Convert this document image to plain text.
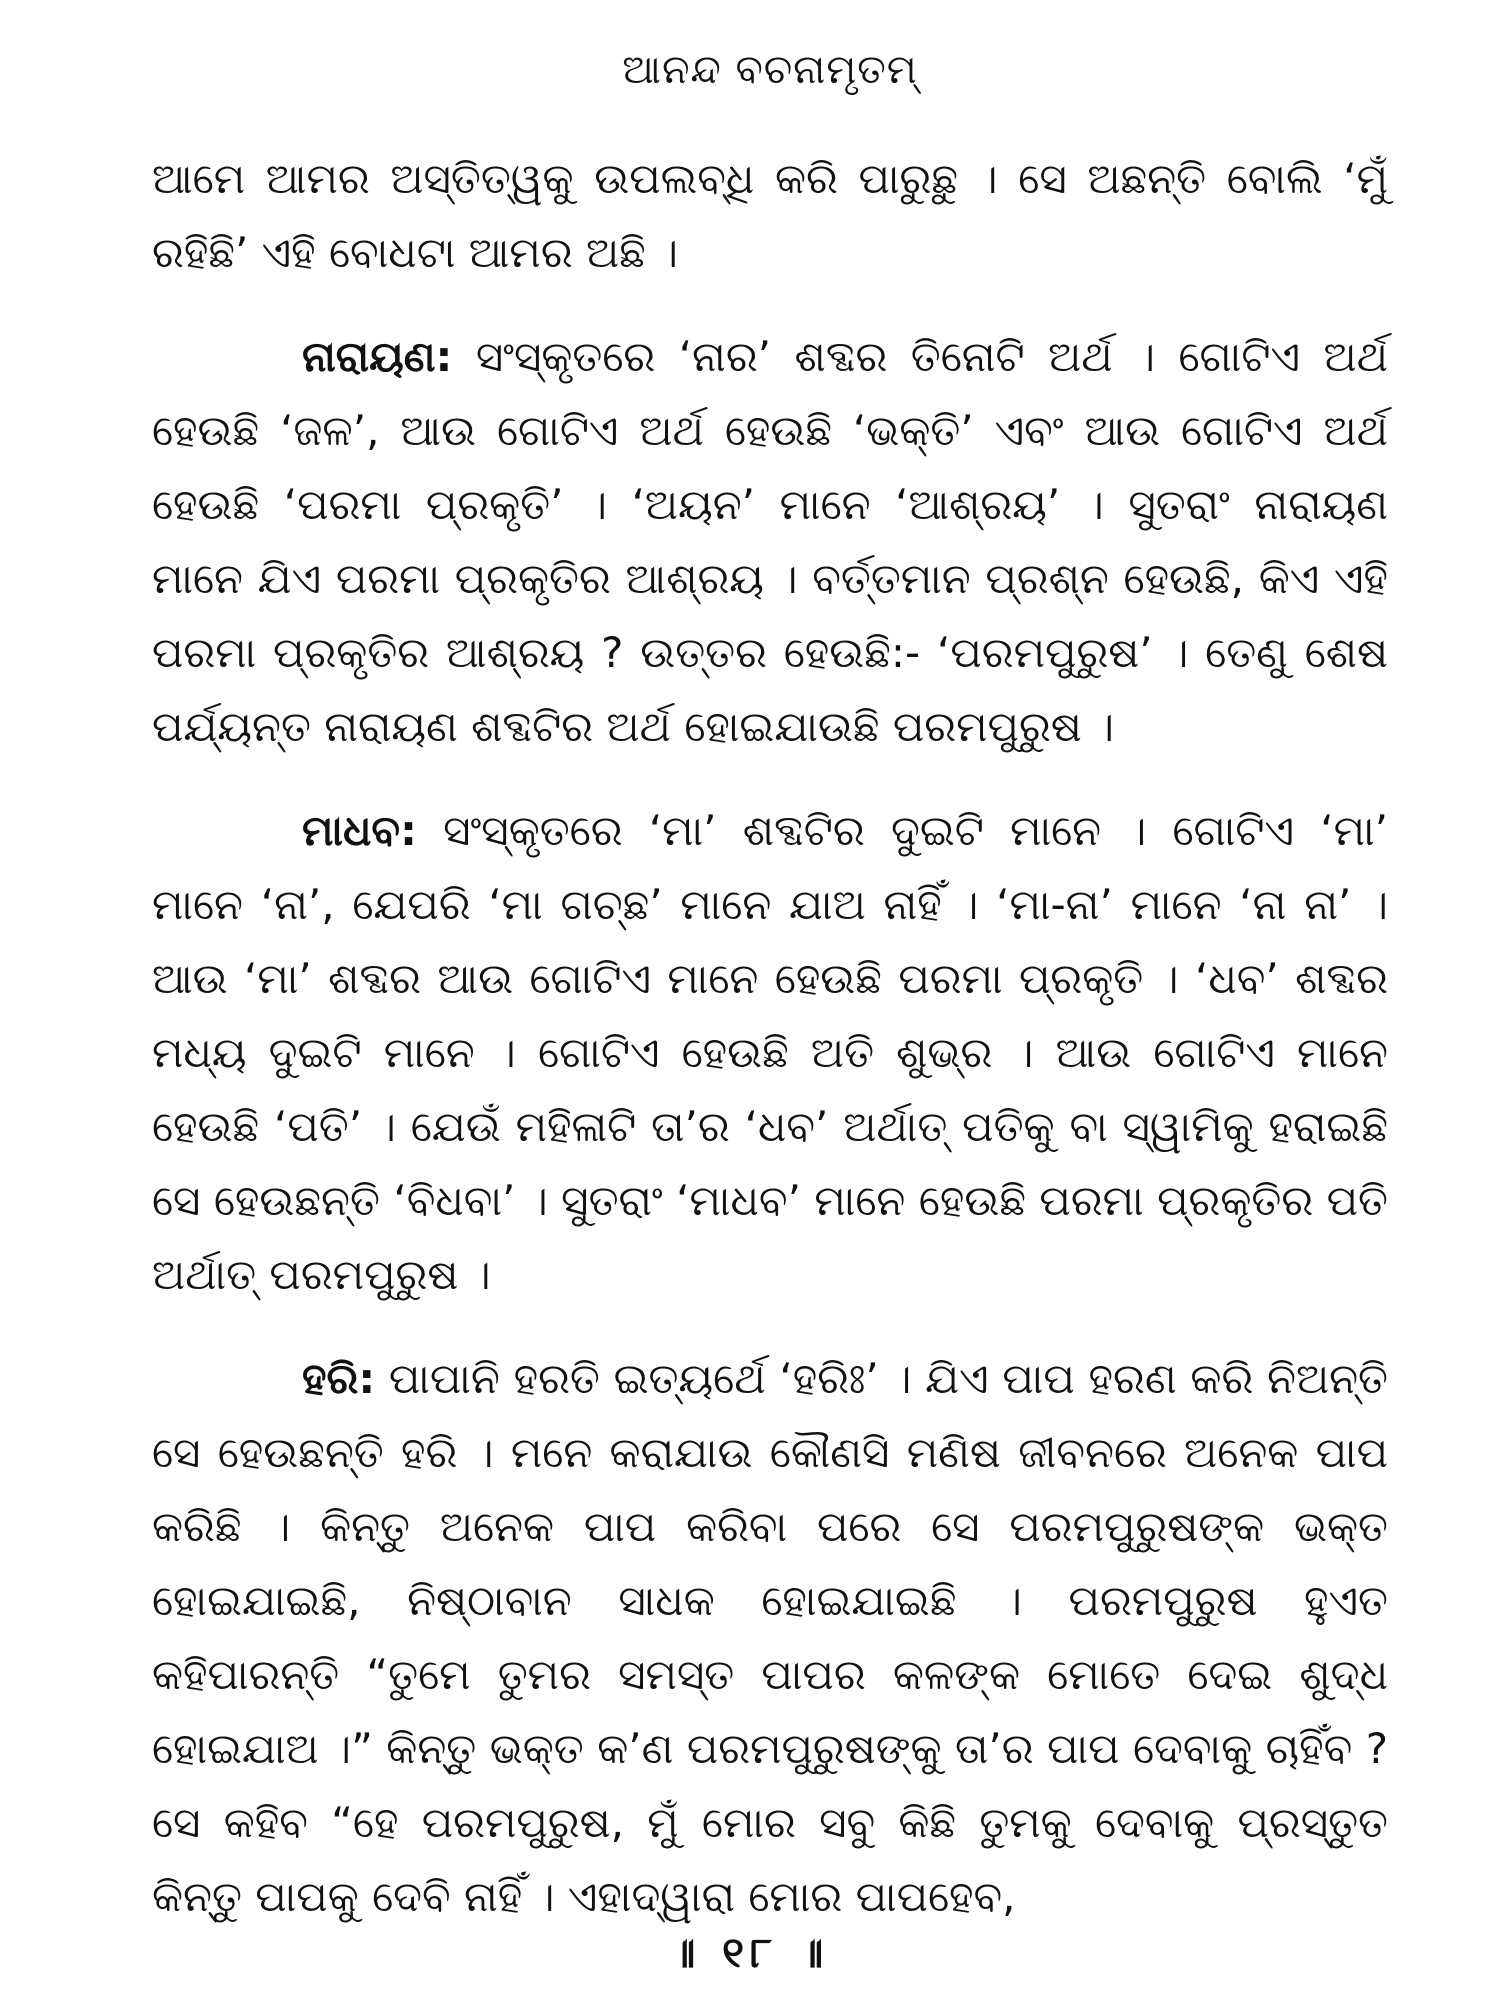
ଆନନ୍ଦ ବଚନାମୃତମ୍

ଆମେ ଆମର ଅସ୍ତିତ୍ୱକୁ ଉପଲବ୍ଧି କରି ପାରୁଛୁ । ସେ ଅଛନ୍ତି ବୋଲି ‘ମୁଁ ରହିଛି’ ଏହି ବୋଧଟା ଆମର ଅଛି ।

ନାରାୟଣ: ସଂସ୍କୃତରେ ‘ନାର’ ଶବ୍ଦର ତିନୋଟି ଅର୍ଥ । ଗୋଟିଏ ଅର୍ଥ ହେଉଛି ‘ଜଳ’, ଆଉ ଗୋଟିଏ ଅର୍ଥ ହେଉଛି ‘ଭକ୍ତି’ ଏବଂ ଆଉ ଗୋଟିଏ ଅର୍ଥ ହେଉଛି ‘ପରମା ପ୍ରକୃତି’ । ‘ଅୟନ’ ମାନେ ‘ଆଶ୍ରୟ’ । ସୁତରାଂ ନାରାୟଣ ମାନେ ଯିଏ ପରମା ପ୍ରକୃତିର ଆଶ୍ରୟ । ବର୍ତ୍ତମାନ ପ୍ରଶ୍ନ ହେଉଛି, କିଏ ଏହି ପରମା ପ୍ରକୃତିର ଆଶ୍ରୟ ? ଉତ୍ତର ହେଉଛି:- ‘ପରମପୁରୁଷ’ । ତେଣୁ ଶେଷ ପର୍ଯ୍ୟନ୍ତ ନାରାୟଣ ଶବ୍ଦଟିର ଅର୍ଥ ହୋଇଯାଉଛି ପରମପୁରୁଷ ।

ମାଧବ: ସଂସ୍କୃତରେ ‘ମା’ ଶବ୍ଦଟିର ଦୁଇଟି ମାନେ । ଗୋଟିଏ ‘ମା’ ମାନେ ‘ନା’, ଯେପରି ‘ମା ଗଚ୍ଛ’ ମାନେ ଯାଅ ନାହିଁ । ‘ମା-ନା’ ମାନେ ‘ନା ନା’ । ଆଉ ‘ମା’ ଶବ୍ଦର ଆଉ ଗୋଟିଏ ମାନେ ହେଉଛି ପରମା ପ୍ରକୃତି । ‘ଧବ’ ଶବ୍ଦର ମଧ୍ୟ ଦୁଇଟି ମାନେ । ଗୋଟିଏ ହେଉଛି ଅତି ଶୁଭ୍ର । ଆଉ ଗୋଟିଏ ମାନେ ହେଉଛି ‘ପତି’ । ଯେଉଁ ମହିଳାଟି ତା’ର ‘ଧବ’ ଅର୍ଥାତ୍ ପତିକୁ ବା ସ୍ୱାମିକୁ ହରାଇଛି ସେ ହେଉଛନ୍ତି ‘ବିଧବା’ । ସୁତରାଂ ‘ମାଧବ’ ମାନେ ହେଉଛି ପରମା ପ୍ରକୃତିର ପତି ଅର୍ଥାତ୍ ପରମପୁରୁଷ ।

ହରି: ପାପାନି ହରତି ଇତ୍ୟର୍ଥେ ‘ହରିଃ’ । ଯିଏ ପାପ ହରଣ କରି ନିଅନ୍ତି ସେ ହେଉଛନ୍ତି ହରି । ମନେ କରାଯାଉ କୌଣସି ମଣିଷ ଜୀବନରେ ଅନେକ ପାପ କରିଛି । କିନ୍ତୁ ଅନେକ ପାପ କରିବା ପରେ ସେ ପରମପୁରୁଷଙ୍କ ଭକ୍ତ ହୋଇଯାଇଛି, ନିଷ୍ଠାବାନ ସାଧକ ହୋଇଯାଇଛି । ପରମପୁରୁଷ ହୁଏତ କହିପାରନ୍ତି “ତୁମେ ତୁମର ସମସ୍ତ ପାପର କଳଙ୍କ ମୋତେ ଦେଇ ଶୁଦ୍ଧ ହୋଇଯାଅ ।” କିନ୍ତୁ ଭକ୍ତ କ’ଣ ପରମପୁରୁଷଙ୍କୁ ତା’ର ପାପ ଦେବାକୁ ଚାହିଁବ ? ସେ କହିବ “ହେ ପରମପୁରୁଷ, ମୁଁ ମୋର ସବୁ କିଛି ତୁମକୁ ଦେବାକୁ ପ୍ରସ୍ତୁତ କିନ୍ତୁ ପାପକୁ ଦେବି ନାହିଁ । ଏହାଦ୍ୱାରା ମୋର ପାପହେବ,

॥ ୧୮ ॥
